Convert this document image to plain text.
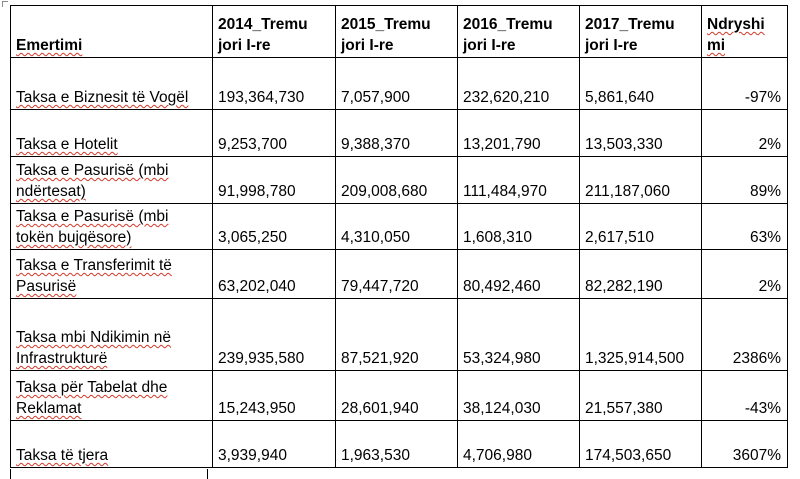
Emertimi	2014_Tremu jori I-re	2015_Tremu jori I-re	2016_Tremu jori I-re	2017_Tremu jori I-re	Ndryshi mi
Taksa e Biznesit të Vogël	193,364,730	7,057,900	232,620,210	5,861,640	-97%
Taksa e Hotelit	9,253,700	9,388,370	13,201,790	13,503,330	2%
Taksa e Pasurisë (mbi ndërtesat)	91,998,780	209,008,680	111,484,970	211,187,060	89%
Taksa e Pasurisë (mbi tokën bujqësore)	3,065,250	4,310,050	1,608,310	2,617,510	63%
Taksa e Transferimit të Pasurisë	63,202,040	79,447,720	80,492,460	82,282,190	2%
Taksa mbi Ndikimin në Infrastrukturë	239,935,580	87,521,920	53,324,980	1,325,914,500	2386%
Taksa për Tabelat dhe Reklamat	15,243,950	28,601,940	38,124,030	21,557,380	-43%
Taksa të tjera	3,939,940	1,963,530	4,706,980	174,503,650	3607%
